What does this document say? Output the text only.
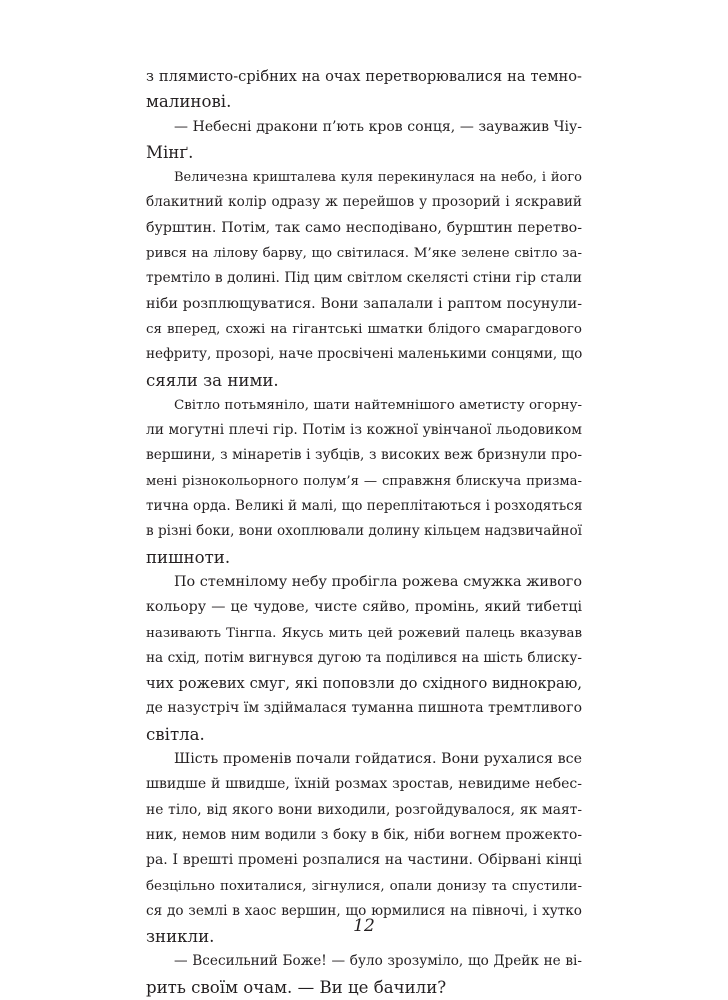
з плямисто-срібних на очах перетворювалися на темно-
малинові.
— Небесні дракони п’ють кров сонця, — зауважив Чіу-
Мінґ.
Величезна кришталева куля перекинулася на небо, і його
блакитний колір одразу ж перейшов у прозорий і яскравий
бурштин. Потім, так само несподівано, бурштин перетво-
рився на лілову барву, що світилася. М’яке зелене світло за-
тремтіло в долині. Під цим світлом скелясті стіни гір стали
ніби розплющуватися. Вони запалали і раптом посунули-
ся вперед, схожі на гігантські шматки блідого смарагдового
нефриту, прозорі, наче просвічені маленькими сонцями, що
сяяли за ними.
Світло потьмяніло, шати найтемнішого аметисту огорну-
ли могутні плечі гір. Потім із кожної увінчаної льодовиком
вершини, з мінаретів і зубців, з високих веж бризнули про-
мені різнокольорного полум’я — справжня блискуча призма-
тична орда. Великі й малі, що переплітаються і розходяться
в різні боки, вони охоплювали долину кільцем надзвичайної
пишноти.
По стемнілому небу пробігла рожева смужка живого
кольору — це чудове, чисте сяйво, промінь, який тибетці
називають Тінгпа. Якусь мить цей рожевий палець вказував
на схід, потім вигнувся дугою та поділився на шість блиску-
чих рожевих смуг, які поповзли до східного виднокраю,
де назустріч їм здіймалася туманна пишнота тремтливого
світла.
Шість променів почали гойдатися. Вони рухалися все
швидше й швидше, їхній розмах зростав, невидиме небес-
не тіло, від якого вони виходили, розгойдувалося, як маят-
ник, немов ним водили з боку в бік, ніби вогнем прожекто-
ра. І врешті промені розпалися на частини. Обірвані кінці
безцільно похиталися, зігнулися, опали донизу та спустили-
ся до землі в хаос вершин, що юрмилися на півночі, і хутко
зникли.
— Всесильний Боже! — було зрозуміло, що Дрейк не ві-
рить своїм очам. — Ви це бачили?
12
